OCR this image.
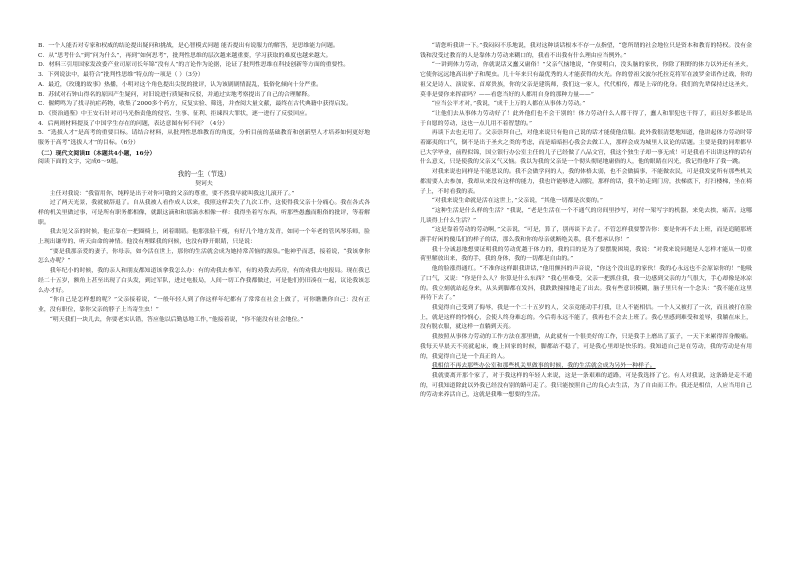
B．一个人能否对专家和权威的结论提出疑问和挑战，是心智模式问题 能否提出有说服力的解答，是思维能力问题。

C．从“思考什么”到“问为什么”，再到“如何思考”，批判性思维的层次越来越重要，学习获取的难度也越来越大。

D．材料三引用国家发改委产业司原司长年锦“没有人”的言论作为论据，论证了批判性思维在科技创新等方面的重要性。

3．下列说法中，最符合“批判性思维”特点的一项是（ ）（3分）

A．最近，《玫瑰的故事》热播，小明对这个角色提出尖锐的批评，认为该剧剧情混乱，低俗化倾向十分严重。

B．苏轼对石钟山得名的原因产生疑问，对旧说进行质疑和反驳，并通过实地考察提出了自己的合理解释。

C．偃鳄鸣为了找寻抗疟药物，收集了2000多个药方，反复实验、筛选，并查阅大量文献，最终在古代典籍中获得启发。

D．《资治通鉴》中王安石针对司马光指责他的侵官、生事、征利、拒谏四大罪状，逐一进行了反驳回应。

4．后两则材料提及了中国学生存在的问题，表达意图有何不同？（4分）

5．“选拔人才”是高考的重要目标。请结合材料，从批判性思维教育的角度，分析目前的基础教育和创新型人才培养如何更好地服务于高考“选拔人才”的目标。（6分）

（二）现代文阅读Ⅱ（本题共4小题，16分）

阅读下面的文字，完成6～9题。

我的一生（节选）

契诃夫

主任对我说：“我留用你，纯粹是出于对你可敬的父亲的尊重，要不然我早就叫我这儿滚开了。”

过了两天光景，我就被辞退了。自从我被人看作成人以来，我照这样丢失了九次工作，这使得我父亲十分痛心。我在各式各样的机关里做过事，可是所有职务都相像，就跟这滴和和那滴水相像一样：我得坐着写东西，听那些愚蠢而粗俗的批评，等着解职。

我去见父亲的时候，他正靠在一把圈椅上，闭着眼睛。他那张脸干瘦，有好几个地方发青，如同一个年老的管风琴乐师，脸上现出谦卑的、听天由命的神情。他没有理睬我的问候，也没有睁开眼睛，只是说：

“要是我那亲爱的妻子，你母亲，如今活在世上，那你的生活就会成为她持常苦恼的源泉。”他神乎而悲，接着说，“我该拿你怎么办呢？”

我年纪小的时候，我的亲人和朋友都知道该拿我怎么办：有的劝我去参军，有的劝我去药房，有的劝我去电报局。现在我已经二十五岁，额角上甚至出现了白头发，到过军队，进过电报局，人间一切工作我都做过，可是他们仍旧凑在一起，议论我该怎么办才好。

“你自己是怎样想的呢？”父亲接着说，“一般年轻人到了你这样年纪都有了常常在社会上做了，可你瞧瞧你自己：没有正业，没有职位，靠你父亲的脖子上当寄生虫！”

“明天我们一块儿去，你要老实认错，答应他以后勤恳地工作，”他接着说，“你不能没有社会地位。”

“请您听我讲一下。”我闷闷不乐地说，我对这种谈话根本不存一点指望，“您所谓的社会地位只是资本和教育的特权。没有金钱和没受过教育的人是靠体力劳动来糊口的，我看不出我有什么理由应当例外。”

“一讲到体力劳动，你就说话又蠢又庸俗！”父亲气恼地说，“你要明白，没头脑的家伙，你除了粗野的体力以外还有圣火，它使你远远地高出驴子和爬虫。几十年来只有最优秀的人才能获得的火光。你的曾祖父波尔托拉克将军在波罗金诺作过战，你的祖父是诗人、演说家、首席贵族，你的父亲是建筑师，我们这一家人，代代相传，都是上帝的化身。我们的先辈保持过这圣火，莫非是要你来挥霍吗？——看您当好的人都用自身的那种力量——”

“应当公平才对，”我说，“成千上万的人都在从事体力劳动。”

“让他们去从事体力劳动好了！此外他们也不会干别的！体力劳动什么人都干得了，蠢人和罪犯也干得了，而且好多都是出于自愿的劳动，这也一点儿用不着智慧的。”

再谈下去也无用了。父亲崇拜自己，对他来说只有他自己说的话才能使他信服。此外我很清楚地知道，他讲起体力劳动时带着鄙夷的口气，倒不是出于圣火之类的考虑，而是暗暗担心我会去做工人，那样会成为城里人议论的话题。主要是我的同辈都早已大学毕业，前程似锦，国立银行办公室主任的儿子已经做了八品文官，我这个独生子却一事无成！可是我看不出讲这样的话有什么意义，只是使我的父亲又气又恼。我以为我的父亲是一个彻头彻尾地庸俗的人，他的眼睛在闪光，我记得他吓了我一跳。

对我来说也同样是不能思议的。我不会做学问的人，我的体格太弱，也不会做搞事，不能做农民，可是我发觉所有那些机关都需要人去参加，我却从来没有这样的能力，我也许能够进入剧院，那样的话，我不妨走到门房，扶梯底下，打扫楼梯，坐在椅子上，不时看我的表。

“对我来说生命就是活在这世上，”父亲说，“其他一切都是次要的。”

“这种生活是什么样的生活？”我说，“老是生活在一个不通气的房间里抄写，对付一架写字的机器，来免去挨，痛苦。这哪儿谈得上什么生活？”

“这是靠着劳动的劳动啊，”父亲说，“可是，算了，别再谈下去了。不管怎样我要警告你：要是你再不去上班，而是追随那班游手好闲的傻瓜们的样子的话，那么我和你的母亲就断绝关系，我不想承认你！”

我十分诚恳地想要证明我的劳动优越于体力的，我的目的是为了要摆脱困境，我说：“对我来说问题是人怎样才能从一切重荷里解放出来，我的手，我的身体，我的一切都是自由的。”

他的脸涨得通红。“不准你这样跟我讲话，”他用颤抖的声音说，“你这个没出息的家伙！我的心永远也不会原谅你的！”他吸了口气，又说：“你是什么人？你算是什么东西？”我心里难受，父亲一把抓住我，我一边感到父亲的力气很大，手心却像是冰凉的。我立刻就站起身来，从头到脚都在发抖，我跌跌撞撞地走了出去。我有些意识模糊，脑子里只有一个念头：“我不能在这里再待下去了。”

我觉得自己受到了侮辱，我是一个二十五岁的人，父亲竟能动手打我，让人不能相信。一个人又被打了一次，而且被打在脸上，就是这样的怜悯心，会使人终身难忘的。今后将永远不能了，我再也不会去上班了。我心里感到难受和羞辱，我躺在床上，没有脱衣服，就这样一直躺到天亮。

我按照从事体力劳动的工作方法在那里做，从此就有一个很美好的工作，只是我手上磨出了茧子，一天下来累得浑身酸痛。我每天早晨天不亮就起床，晚上回家的时候，脚都站不稳了，可是我心里却是快乐的。我知道自己是在劳动，我的劳动是有用的，我觉得自己是一个真正的人。

我相信不再去那些办公室和那些机关里做事的时候，我的生活就会成为另外一种样子。

我就要离开那个家了，对于我这样的年轻人来说，这是一条艰难的道路，可是我选择了它。有人对我说，这条路是走不通的，可我知道除此以外我已经没有别的路可走了。我只能按照自己的良心去生活，为了自由而工作。我还是相信，人应当用自己的劳动来养活自己，这就是我唯一想要的生活。
